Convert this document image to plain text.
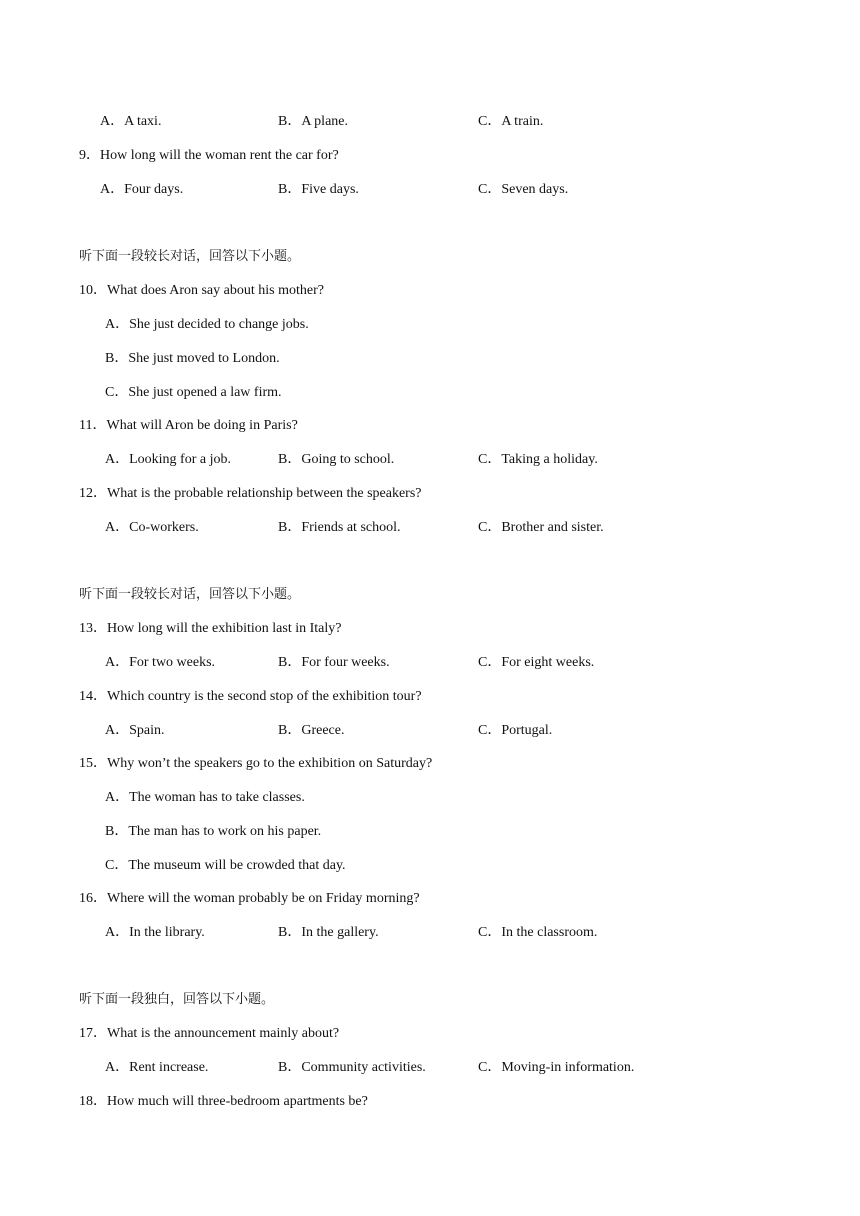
A．A taxi.	B．A plane.	C．A train.
9．How long will the woman rent the car for?
A．Four days.	B．Five days.	C．Seven days.
听下面一段较长对话，回答以下小题。
10．What does Aron say about his mother?
A．She just decided to change jobs.
B．She just moved to London.
C．She just opened a law firm.
11．What will Aron be doing in Paris?
A．Looking for a job.	B．Going to school.	C．Taking a holiday.
12．What is the probable relationship between the speakers?
A．Co-workers.	B．Friends at school.	C．Brother and sister.
听下面一段较长对话，回答以下小题。
13．How long will the exhibition last in Italy?
A．For two weeks.	B．For four weeks.	C．For eight weeks.
14．Which country is the second stop of the exhibition tour?
A．Spain.	B．Greece.	C．Portugal.
15．Why won’t the speakers go to the exhibition on Saturday?
A．The woman has to take classes.
B．The man has to work on his paper.
C．The museum will be crowded that day.
16．Where will the woman probably be on Friday morning?
A．In the library.	B．In the gallery.	C．In the classroom.
听下面一段独白，回答以下小题。
17．What is the announcement mainly about?
A．Rent increase.	B．Community activities.	C．Moving-in information.
18．How much will three-bedroom apartments be?
